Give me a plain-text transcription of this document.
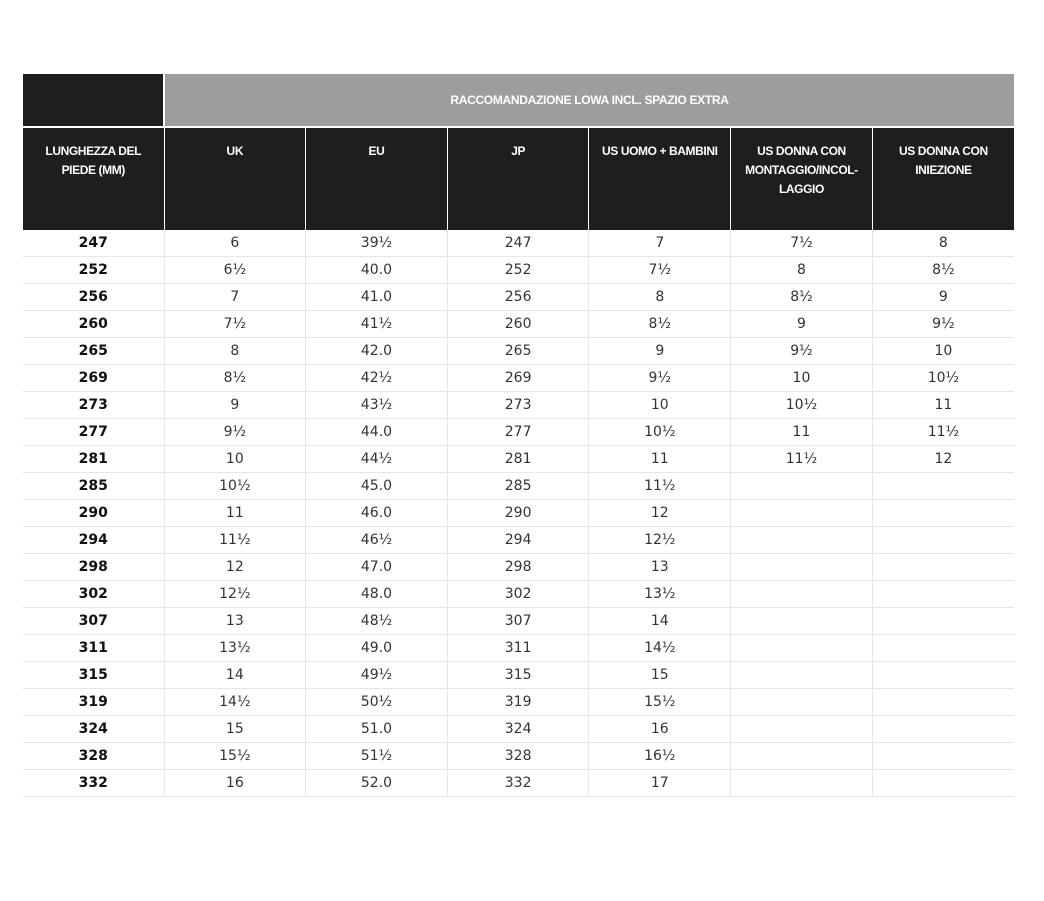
	RACCOMANDAZIONE LOWA INCL. SPAZIO EXTRA					
LUNGHEZZA DEL PIEDE (MM)	UK	EU	JP	US UOMO + BAMBINI	US DONNA CON MONTAGGIO/INCOL-LAGGIO	US DONNA CON INIEZIONE
247	6	39½	247	7	7½	8
252	6½	40.0	252	7½	8	8½
256	7	41.0	256	8	8½	9
260	7½	41½	260	8½	9	9½
265	8	42.0	265	9	9½	10
269	8½	42½	269	9½	10	10½
273	9	43½	273	10	10½	11
277	9½	44.0	277	10½	11	11½
281	10	44½	281	11	11½	12
285	10½	45.0	285	11½		
290	11	46.0	290	12		
294	11½	46½	294	12½		
298	12	47.0	298	13		
302	12½	48.0	302	13½		
307	13	48½	307	14		
311	13½	49.0	311	14½		
315	14	49½	315	15		
319	14½	50½	319	15½		
324	15	51.0	324	16		
328	15½	51½	328	16½		
332	16	52.0	332	17		
